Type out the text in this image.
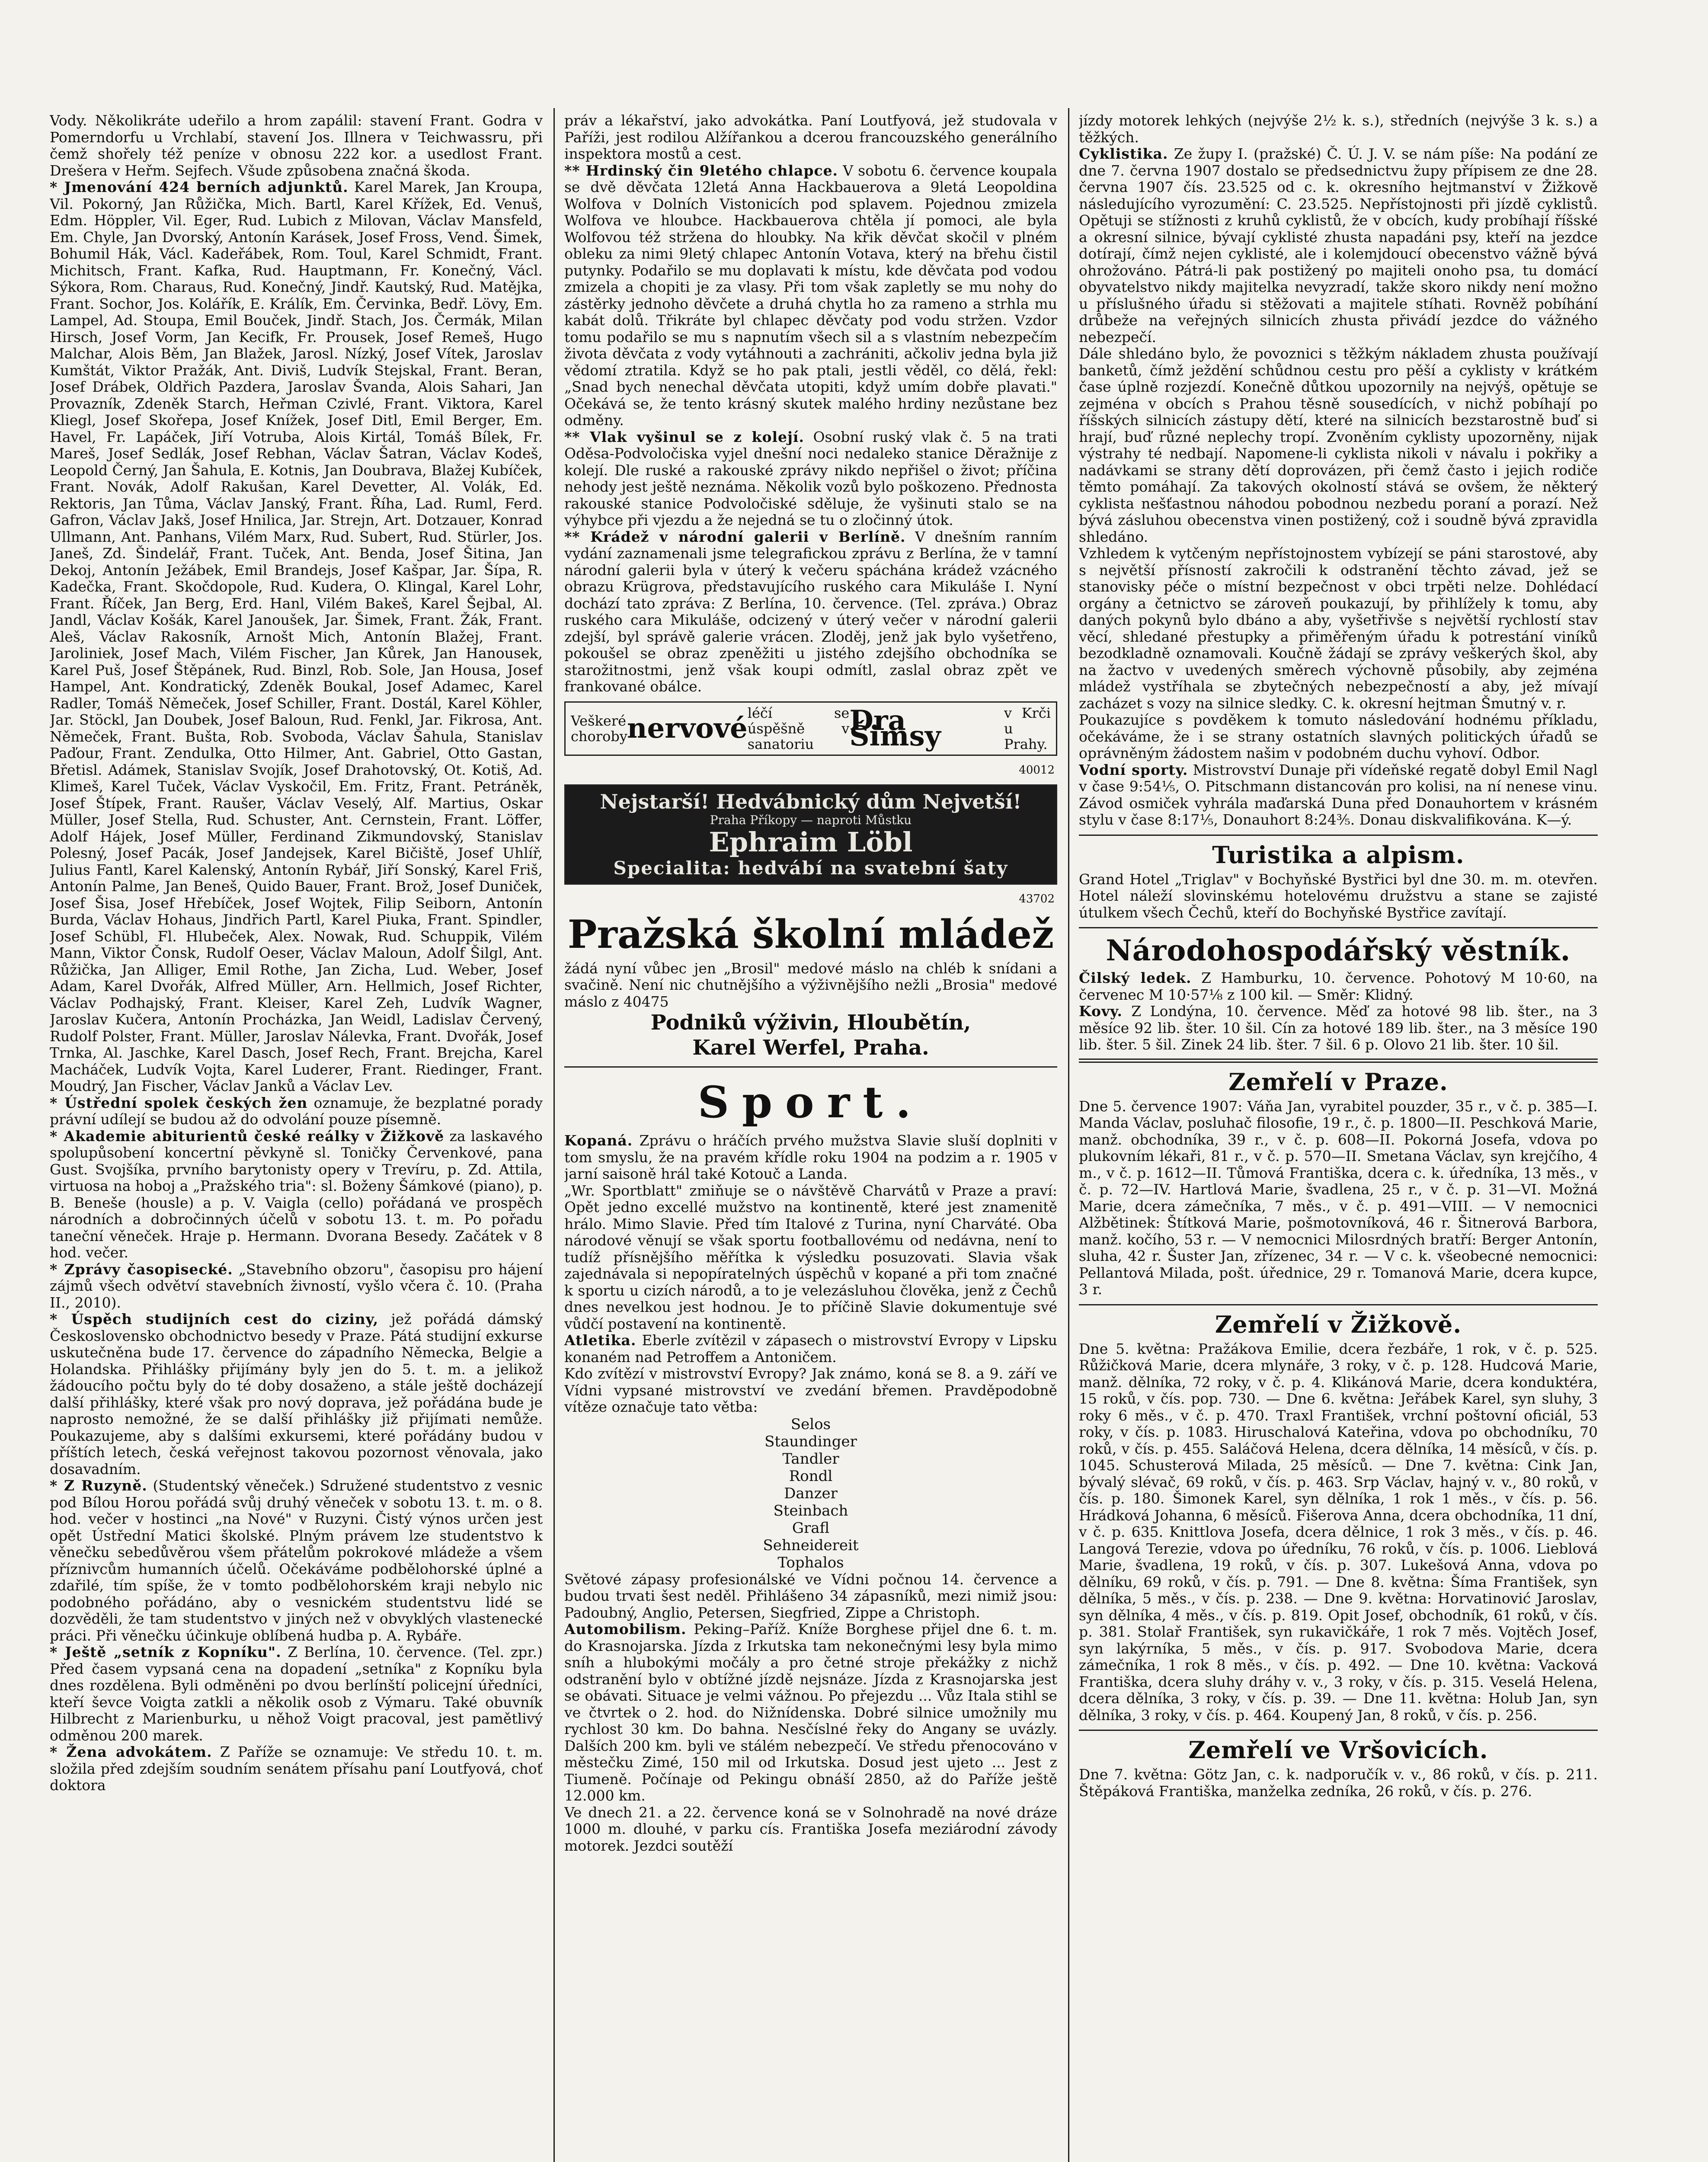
Vody. Několikráte udeřilo a hrom zapálil: stavení Frant. Godra v Pomerndorfu u Vrchlabí, stavení Jos. Illnera v Teichwassru, při čemž shořely též peníze v obnosu 222 kor. a usedlost Frant. Drešera v Heřm. Sejfech. Všude způsobena značná škoda.

* Jmenování 424 berních adjunktů. Karel Marek, Jan Kroupa, Vil. Pokorný, Jan Růžička, Mich. Bartl, Karel Křížek, Ed. Venuš, Edm. Höppler, Vil. Eger, Rud. Lubich z Milovan, Václav Mansfeld, Em. Chyle, Jan Dvorský, Antonín Karásek, Josef Fross, Vend. Šimek, Bohumil Hák, Václ. Kadeřábek, Rom. Toul, Karel Schmidt, Frant. Michitsch, Frant. Kafka, Rud. Hauptmann, Fr. Konečný, Václ. Sýkora, Rom. Charaus, Rud. Konečný, Jindř. Kautský, Rud. Matějka, Frant. Sochor, Jos. Kolářík, E. Králík, Em. Červinka, Bedř. Lövy, Em. Lampel, Ad. Stoupa, Emil Bouček, Jindř. Stach, Jos. Čermák, Milan Hirsch, Josef Vorm, Jan Kecifk, Fr. Prousek, Josef Remeš, Hugo Malchar, Alois Běm, Jan Blažek, Jarosl. Nízký, Josef Vítek, Jaroslav Kumštát, Viktor Pražák, Ant. Diviš, Ludvík Stejskal, Frant. Beran, Josef Drábek, Oldřich Pazdera, Jaroslav Švanda, Alois Sahari, Jan Provazník, Zdeněk Starch, Heřman Czivlé, Frant. Viktora, Karel Kliegl, Josef Skořepa, Josef Knížek, Josef Ditl, Emil Berger, Em. Havel, Fr. Lapáček, Jiří Votruba, Alois Kirtál, Tomáš Bílek, Fr. Mareš, Josef Sedlák, Josef Rebhan, Václav Šatran, Václav Kodeš, Leopold Černý, Jan Šahula, E. Kotnis, Jan Doubrava, Blažej Kubíček, Frant. Novák, Adolf Rakušan, Karel Devetter, Al. Volák, Ed. Rektoris, Jan Tůma, Václav Janský, Frant. Říha, Lad. Ruml, Ferd. Gafron, Václav Jakš, Josef Hnilica, Jar. Strejn, Art. Dotzauer, Konrad Ullmann, Ant. Panhans, Vilém Marx, Rud. Subert, Rud. Stürler, Jos. Janeš, Zd. Šindelář, Frant. Tuček, Ant. Benda, Josef Šitina, Jan Dekoj, Antonín Ježábek, Emil Brandejs, Josef Kašpar, Jar. Šípa, R. Kadečka, Frant. Skočdopole, Rud. Kudera, O. Klingal, Karel Lohr, Frant. Říček, Jan Berg, Erd. Hanl, Vilém Bakeš, Karel Šejbal, Al. Jandl, Václav Košák, Karel Janoušek, Jar. Šimek, Frant. Žák, Frant. Aleš, Václav Rakosník, Arnošt Mich, Antonín Blažej, Frant. Jaroliniek, Josef Mach, Vilém Fischer, Jan Kůrek, Jan Hanousek, Karel Puš, Josef Štěpánek, Rud. Binzl, Rob. Sole, Jan Housa, Josef Hampel, Ant. Kondratický, Zdeněk Boukal, Josef Adamec, Karel Radler, Tomáš Němeček, Josef Schiller, Frant. Dostál, Karel Köhler, Jar. Stöckl, Jan Doubek, Josef Baloun, Rud. Fenkl, Jar. Fikrosa, Ant. Němeček, Frant. Bušta, Rob. Svoboda, Václav Šahula, Stanislav Paďour, Frant. Zendulka, Otto Hilmer, Ant. Gabriel, Otto Gastan, Břetisl. Adámek, Stanislav Svojík, Josef Drahotovský, Ot. Kotiš, Ad. Klimeš, Karel Tuček, Václav Vyskočil, Em. Fritz, Frant. Petráněk, Josef Štípek, Frant. Raušer, Václav Veselý, Alf. Martius, Oskar Müller, Josef Stella, Rud. Schuster, Ant. Cernstein, Frant. Löffer, Adolf Hájek, Josef Müller, Ferdinand Zikmundovský, Stanislav Polesný, Josef Pacák, Josef Jandejsek, Karel Bičiště, Josef Uhlíř, Julius Fantl, Karel Kalenský, Antonín Rybář, Jiří Sonský, Karel Friš, Antonín Palme, Jan Beneš, Quido Bauer, Frant. Brož, Josef Duniček, Josef Šisa, Josef Hřebíček, Josef Wojtek, Filip Seiborn, Antonín Burda, Václav Hohaus, Jindřich Partl, Karel Piuka, Frant. Spindler, Josef Schübl, Fl. Hlubeček, Alex. Nowak, Rud. Schuppik, Vilém Mann, Viktor Čonsk, Rudolf Oeser, Václav Maloun, Adolf Šilgl, Ant. Růžička, Jan Alliger, Emil Rothe, Jan Zicha, Lud. Weber, Josef Adam, Karel Dvořák, Alfred Müller, Arn. Hellmich, Josef Richter, Václav Podhajský, Frant. Kleiser, Karel Zeh, Ludvík Wagner, Jaroslav Kučera, Antonín Procházka, Jan Weidl, Ladislav Červený, Rudolf Polster, Frant. Müller, Jaroslav Nálevka, Frant. Dvořák, Josef Trnka, Al. Jaschke, Karel Dasch, Josef Rech, Frant. Brejcha, Karel Macháček, Ludvík Vojta, Karel Luderer, Frant. Riedinger, Frant. Moudrý, Jan Fischer, Václav Janků a Václav Lev.

* Ústřední spolek českých žen oznamuje, že bezplatné porady právní udílejí se budou až do odvolání pouze písemně.

* Akademie abiturientů české reálky v Žižkově za laskavého spolupůsobení koncertní pěvkyně sl. Toničky Červenkové, pana Gust. Svojšíka, prvního barytonisty opery v Trevíru, p. Zd. Attila, virtuosa na hoboj a „Pražského tria": sl. Boženy Šámkové (piano), p. B. Beneše (housle) a p. V. Vaigla (cello) pořádaná ve prospěch národních a dobročinných účelů v sobotu 13. t. m. Po pořadu taneční věneček. Hraje p. Hermann. Dvorana Besedy. Začátek v 8 hod. večer.

* Zprávy časopisecké. „Stavebního obzoru", časopisu pro hájení zájmů všech odvětví stavebních živností, vyšlo včera č. 10. (Praha II., 2010).

* Úspěch studijních cest do ciziny, jež pořádá dámský Československo obchodnictvo besedy v Praze. Pátá studijní exkurse uskutečněna bude 17. července do západního Německa, Belgie a Holandska. Přihlášky přijímány byly jen do 5. t. m. a jelikož žádoucího počtu byly do té doby dosaženo, a stále ještě docházejí další přihlášky, které však pro nový doprava, jež pořádána bude je naprosto nemožné, že se další přihlášky již přijímati nemůže. Poukazujeme, aby s dalšími exkursemi, které pořádány budou v příštích letech, česká veřejnost takovou pozornost věnovala, jako dosavadním.

* Z Ruzyně. (Studentský věneček.) Sdružené studentstvo z vesnic pod Bílou Horou pořádá svůj druhý věneček v sobotu 13. t. m. o 8. hod. večer v hostinci „na Nové" v Ruzyni. Čistý výnos určen jest opět Ústřední Matici školské. Plným právem lze studentstvo k věnečku sebedůvěrou všem přátelům pokrokové mládeže a všem příznivcům humanních účelů. Očekáváme podbělohorské úplné a zdařilé, tím spíše, že v tomto podbělohorském kraji nebylo nic podobného pořádáno, aby o vesnickém studentstvu lidé se dozvěděli, že tam studentstvo v jiných než v obvyklých vlastenecké práci. Při věnečku účinkuje oblíbená hudba p. A. Rybáře.

* Ještě „setník z Kopníku". Z Berlína, 10. července. (Tel. zpr.) Před časem vypsaná cena na dopadení „setníka" z Kopníku byla dnes rozdělena. Byli odměněni po dvou berlínští policejní úředníci, kteří ševce Voigta zatkli a několik osob z Výmaru. Také obuvník Hilbrecht z Marienburku, u něhož Voigt pracoval, jest pamětlivý odměnou 200 marek.

* Žena advokátem. Z Paříže se oznamuje: Ve středu 10. t. m. složila před zdejším soudním senátem přísahu paní Loutfyová, choť doktora

práv a lékařství, jako advokátka. Paní Loutfyová, jež studovala v Paříži, jest rodilou Alžířankou a dcerou francouzského generálního inspektora mostů a cest.

** Hrdinský čin 9letého chlapce. V sobotu 6. července koupala se dvě děvčata 12letá Anna Hackbauerova a 9letá Leopoldina Wolfova v Dolních Vistonicích pod splavem. Pojednou zmizela Wolfova ve hloubce. Hackbauerova chtěla jí pomoci, ale byla Wolfovou též stržena do hloubky. Na křik děvčat skočil v plném obleku za nimi 9letý chlapec Antonín Votava, který na břehu čistil putynky. Podařilo se mu doplavati k místu, kde děvčata pod vodou zmizela a chopiti je za vlasy. Při tom však zapletly se mu nohy do zástěrky jednoho děvčete a druhá chytla ho za rameno a strhla mu kabát dolů. Třikráte byl chlapec děvčaty pod vodu stržen. Vzdor tomu podařilo se mu s napnutím všech sil a s vlastním nebezpečím života děvčata z vody vytáhnouti a zachrániti, ačkoliv jedna byla již vědomí ztratila. Když se ho pak ptali, jestli věděl, co dělá, řekl: „Snad bych nenechal děvčata utopiti, když umím dobře plavati." Očekává se, že tento krásný skutek malého hrdiny nezůstane bez odměny.

** Vlak vyšinul se z kolejí. Osobní ruský vlak č. 5 na trati Oděsa-Podvoločiska vyjel dnešní noci nedaleko stanice Děražnije z kolejí. Dle ruské a rakouské zprávy nikdo nepřišel o život; příčina nehody jest ještě neznáma. Několik vozů bylo poškozeno. Přednosta rakouské stanice Podvoločiské sděluje, že vyšinuti stalo se na výhybce při vjezdu a že nejedná se tu o zločinný útok.

** Krádež v národní galerii v Berlíně. V dnešním ranním vydání zaznamenali jsme telegrafickou zprávu z Berlína, že v tamní národní galerii byla v úterý k večeru spáchána krádež vzácného obrazu Krügrova, představujícího ruského cara Mikuláše I. Nyní dochází tato zpráva: Z Berlína, 10. července. (Tel. zpráva.) Obraz ruského cara Mikuláše, odcizený v úterý večer v národní galerii zdejší, byl správě galerie vrácen. Zloděj, jenž jak bylo vyšetřeno, pokoušel se obraz zpeněžiti u jistého zdejšího obchodníka se starožitnostmi, jenž však koupi odmítl, zaslal obraz zpět ve frankované obálce.

Veškeré choroby nervové léčí se úspěšně v sanatoriu
Dra Šimsy
v Krči u Prahy.
40012
Nejstarší! Hedvábnický dům Nejvetší!
Praha Příkopy — naproti Můstku
Ephraim Löbl
Specialita: hedvábí na svatební šaty
43702
Pražská školní mládež

žádá nyní vůbec jen „Brosil" medové máslo na chléb k snídani a svačině. Není nic chutnějšího a výživnějšího nežli „Brosia" medové máslo z 40475

Podniků výživin, Hloubětín,
Karel Werfel, Praha.
Sport.

Kopaná. Zprávu o hráčích prvého mužstva Slavie sluší doplniti v tom smyslu, že na pravém křídle roku 1904 na podzim a r. 1905 v jarní saisoně hrál také Kotouč a Landa.

„Wr. Sportblatt" zmiňuje se o návštěvě Charvátů v Praze a praví: Opět jedno excellé mužstvo na kontinentě, které jest znamenitě hrálo. Mimo Slavie. Před tím Italové z Turina, nyní Charváté. Oba národové věnují se však sportu footballovému od nedávna, není to tudíž přísnějšího měřítka k výsledku posuzovati. Slavia však zajednávala si nepopíratelných úspěchů v kopané a při tom značné k sportu u cizích národů, a to je velezásluhou člověka, jenž z Čechů dnes nevelkou jest hodnou. Je to příčině Slavie dokumentuje své vůdčí postavení na kontinentě.

Atletika. Eberle zvítězil v zápasech o mistrovství Evropy v Lipsku konaném nad Petroffem a Antoničem.

Kdo zvítězí v mistrovství Evropy? Jak známo, koná se 8. a 9. září ve Vídni vypsané mistrovství ve zvedání břemen. Pravděpodobně vítěze označuje tato větba:

Selos
Staundinger
Tandler
Rondl
Danzer
Steinbach
Grafl
Sehneidereit
Tophalos

Světové zápasy profesionálské ve Vídni počnou 14. července a budou trvati šest neděl. Přihlášeno 34 zápasníků, mezi nimiž jsou: Padoubný, Anglio, Petersen, Siegfried, Zippe a Christoph.

Automobilism. Peking–Paříž. Kníže Borghese přijel dne 6. t. m. do Krasnojarska. Jízda z Irkutska tam nekonečnými lesy byla mimo sníh a hlubokými močály a pro četné stroje překážky z nichž odstranění bylo v obtížné jízdě nejsnáze. Jízda z Krasnojarska jest se obávati. Situace je velmi vážnou. Po přejezdu ... Vůz Itala stihl se ve čtvrtek o 2. hod. do Nižnídenska. Dobré silnice umožnily mu rychlost 30 km. Do bahna. Nesčíslné řeky do Angany se uvázly. Dalších 200 km. byli ve stálém nebezpečí. Ve středu přenocováno v městečku Zimé, 150 mil od Irkutska. Dosud jest ujeto ... Jest z Tiumeně. Počínaje od Pekingu obnáší 2850, až do Paříže ještě 12.000 km.

Ve dnech 21. a 22. července koná se v Solnohradě na nové dráze 1000 m. dlouhé, v parku cís. Františka Josefa meziárodní závody motorek. Jezdci soutěží

jízdy motorek lehkých (nejvýše 2½ k. s.), středních (nejvýše 3 k. s.) a těžkých.

Cyklistika. Ze župy I. (pražské) Č. Ú. J. V. se nám píše: Na podání ze dne 7. června 1907 dostalo se předsednictvu župy přípisem ze dne 28. června 1907 čís. 23.525 od c. k. okresního hejtmanství v Žižkově následujícího vyrozumění: C. 23.525. Nepřístojnosti při jízdě cyklistů. Opětuji se stížnosti z kruhů cyklistů, že v obcích, kudy probíhají říšské a okresní silnice, bývají cyklisté zhusta napadáni psy, kteří na jezdce dotírají, čímž nejen cyklisté, ale i kolemjdoucí obecenstvo vážně bývá ohrožováno. Pátrá-li pak postižený po majiteli onoho psa, tu domácí obyvatelstvo nikdy majitelka nevyzradí, takže skoro nikdy není možno u příslušného úřadu si stěžovati a majitele stíhati. Rovněž pobíhání drůbeže na veřejných silnicích zhusta přivádí jezdce do vážného nebezpečí.

Dále shledáno bylo, že povoznici s těžkým nákladem zhusta používají banketů, čímž ježdění schůdnou cestu pro pěší a cyklisty v krátkém čase úplně rozjezdí. Konečně důtkou upozornily na nejvýš, opětuje se zejména v obcích s Prahou těsně sousedících, v nichž pobíhají po říšských silnicích zástupy dětí, které na silnicích bezstarostně buď si hrají, buď různé neplechy tropí. Zvoněním cyklisty upozorněny, nijak výstrahy té nedbají. Napomene-li cyklista nikoli v návalu i pokřiky a nadávkami se strany dětí doprovázen, při čemž často i jejich rodiče těmto pomáhají. Za takových okolností stává se ovšem, že některý cyklista nešťastnou náhodou pobodnou nezbedu poraní a porazí. Než bývá zásluhou obecenstva vinen postižený, což i soudně bývá zpravidla shledáno.

Vzhledem k vytčeným nepřístojnostem vybízejí se páni starostové, aby s největší přísností zakročili k odstranění těchto závad, jež se stanovisky péče o místní bezpečnost v obci trpěti nelze. Dohlédací orgány a četnictvo se zároveň poukazují, by přihlížely k tomu, aby daných pokynů bylo dbáno a aby, vyšetřivše s největší rychlostí stav věcí, shledané přestupky a přiměřeným úřadu k potrestání viníků bezodkladně oznamovali. Koučně žádají se zprávy veškerých škol, aby na žactvo v uvedených směrech výchovně působily, aby zejména mládež vystříhala se zbytečných nebezpečností a aby, jež mívají zacházet s vozy na silnice sledky. C. k. okresní hejtman Šmutný v. r.

Poukazujíce s povděkem k tomuto následování hodnému příkladu, očekáváme, že i se strany ostatních slavných politických úřadů se oprávněným žádostem našim v podobném duchu vyhoví. Odbor.

Vodní sporty. Mistrovství Dunaje při vídeňské regatě dobyl Emil Nagl v čase 9:54⅕, O. Pitschmann distancován pro kolisi, na ní nenese vinu. Závod osmiček vyhrála maďarská Duna před Donauhortem v krásném stylu v čase 8:17⅕, Donauhort 8:24⅗. Donau diskvalifikována. K—ý.

Turistika a alpism.

Grand Hotel „Triglav" v Bochyňské Bystřici byl dne 30. m. m. otevřen. Hotel náleží slovinskému hotelovému družstvu a stane se zajisté útulkem všech Čechů, kteří do Bochyňské Bystřice zavítají.

Národohospodářský věstník.

Čilský ledek. Z Hamburku, 10. července. Pohotový M 10·60, na červenec M 10·57⅛ z 100 kil. — Směr: Klidný.

Kovy. Z Londýna, 10. července. Měď za hotové 98 lib. šter., na 3 měsíce 92 lib. šter. 10 šil. Cín za hotové 189 lib. šter., na 3 měsíce 190 lib. šter. 5 šil. Zinek 24 lib. šter. 7 šil. 6 p. Olovo 21 lib. šter. 10 šil.

Zemřelí v Praze.

Dne 5. července 1907: Váňa Jan, vyrabitel pouzder, 35 r., v č. p. 385—I. Manda Václav, posluhač filosofie, 19 r., č. p. 1800—II. Peschková Marie, manž. obchodníka, 39 r., v č. p. 608—II. Pokorná Josefa, vdova po plukovním lékaři, 81 r., v č. p. 570—II. Smetana Václav, syn krejčího, 4 m., v č. p. 1612—II. Tůmová Františka, dcera c. k. úředníka, 13 měs., v č. p. 72—IV. Hartlová Marie, švadlena, 25 r., v č. p. 31—VI. Možná Marie, dcera zámečníka, 7 měs., v č. p. 491—VIII. — V nemocnici Alžbětinek: Štítková Marie, pošmotovníková, 46 r. Šitnerová Barbora, manž. kočího, 53 r. — V nemocnici Milosrdných bratří: Berger Antonín, sluha, 42 r. Šuster Jan, zřízenec, 34 r. — V c. k. všeobecné nemocnici: Pellantová Milada, pošt. úřednice, 29 r. Tomanová Marie, dcera kupce, 3 r.

Zemřelí v Žižkově.

Dne 5. května: Pražákova Emilie, dcera řezbáře, 1 rok, v č. p. 525. Růžičková Marie, dcera mlynáře, 3 roky, v č. p. 128. Hudcová Marie, manž. dělníka, 72 roky, v č. p. 4. Klikánová Marie, dcera konduktéra, 15 roků, v čís. pop. 730. — Dne 6. května: Jeřábek Karel, syn sluhy, 3 roky 6 měs., v č. p. 470. Traxl František, vrchní poštovní oficiál, 53 roky, v čís. p. 1083. Hiruschalová Kateřina, vdova po obchodníku, 70 roků, v čís. p. 455. Saláčová Helena, dcera dělníka, 14 měsíců, v čís. p. 1045. Schusterová Milada, 25 měsíců. — Dne 7. května: Cink Jan, bývalý slévač, 69 roků, v čís. p. 463. Srp Václav, hajný v. v., 80 roků, v čís. p. 180. Šimonek Karel, syn dělníka, 1 rok 1 měs., v čís. p. 56. Hrádková Johanna, 6 měsíců. Fišerova Anna, dcera obchodníka, 11 dní, v č. p. 635. Knittlova Josefa, dcera dělnice, 1 rok 3 měs., v čís. p. 46. Langová Terezie, vdova po úředníku, 76 roků, v čís. p. 1006. Lieblová Marie, švadlena, 19 roků, v čís. p. 307. Lukešová Anna, vdova po dělníku, 69 roků, v čís. p. 791. — Dne 8. května: Šíma František, syn dělníka, 5 měs., v čís. p. 238. — Dne 9. května: Horvatinović Jaroslav, syn dělníka, 4 měs., v čís. p. 819. Opit Josef, obchodník, 61 roků, v čís. p. 381. Stolař František, syn rukavičkáře, 1 rok 7 měs. Vojtěch Josef, syn lakýrníka, 5 měs., v čís. p. 917. Svobodova Marie, dcera zámečníka, 1 rok 8 měs., v čís. p. 492. — Dne 10. května: Vacková Františka, dcera sluhy dráhy v. v., 3 roky, v čís. p. 315. Veselá Helena, dcera dělníka, 3 roky, v čís. p. 39. — Dne 11. května: Holub Jan, syn dělníka, 3 roky, v čís. p. 464. Koupený Jan, 8 roků, v čís. p. 256.

Zemřelí ve Vršovicích.

Dne 7. května: Götz Jan, c. k. nadporučík v. v., 86 roků, v čís. p. 211. Štěpáková Františka, manželka zedníka, 26 roků, v čís. p. 276.
